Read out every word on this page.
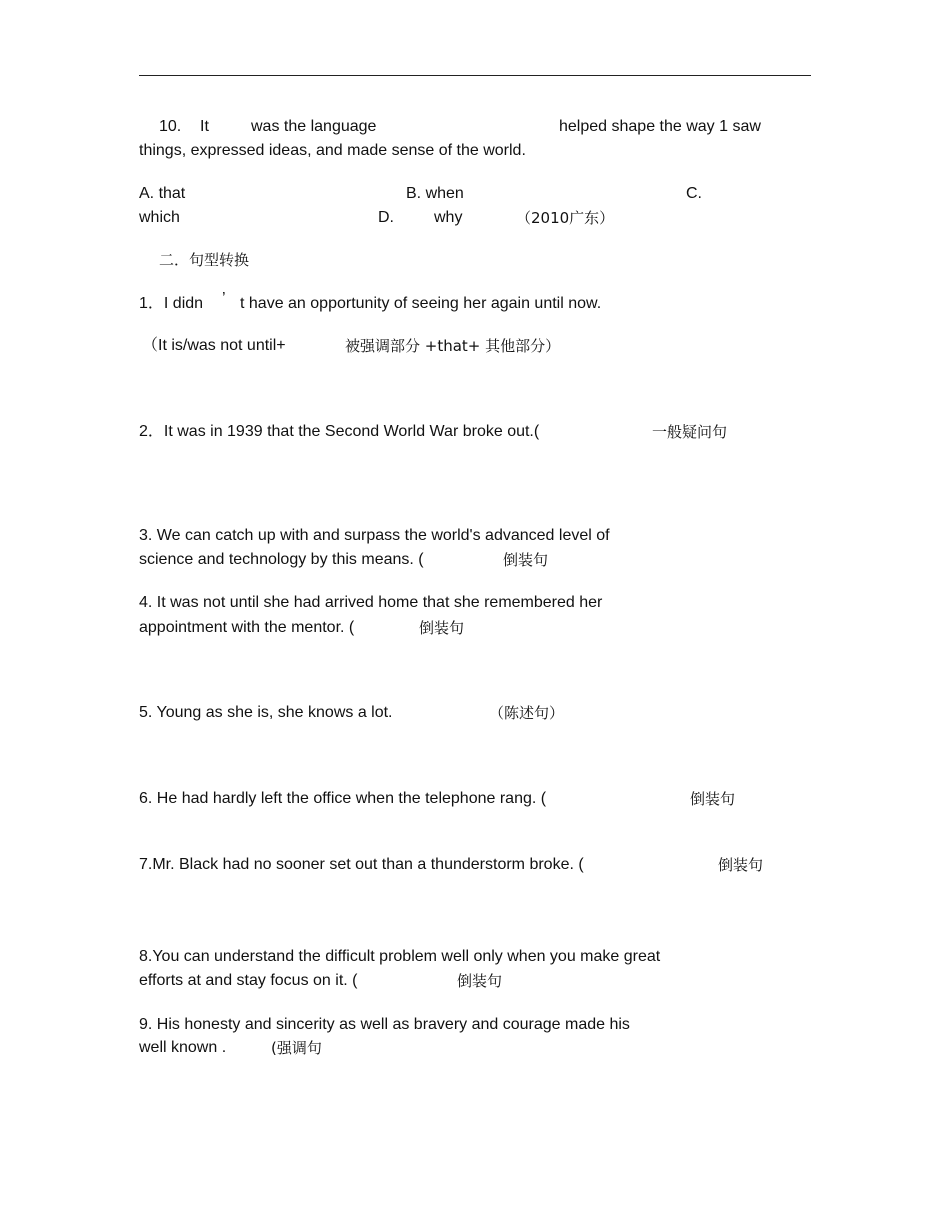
10. It	was the language	helped shape the way 1 saw
things, expressed ideas, and made sense of the world.
A. that	B. when	C.
which	D.	why	（2010广东）
二．句型转换
1．I didn ’ t have an opportunity of seeing her again until now.
（It is/was not until+	被强调部分 +that+ 其他部分）
2．It was in 1939 that the Second World War broke out.(	一般疑问句
3. We can catch up with and surpass the world's advanced level of
science and technology by this means. (	倒装句
4. It was not until she had arrived home that she remembered her
appointment with the mentor. (	倒装句
5. Young as she is, she knows a lot.	（陈述句）
6. He had hardly left the office when the telephone rang. (	倒装句
7.Mr. Black had no sooner set out than a thunderstorm broke. (	倒装句
8.You can understand the difficult problem well only when you make great
efforts at and stay focus on it. (	倒装句
9. His honesty and sincerity as well as bravery and courage made his
well known .	(强调句
